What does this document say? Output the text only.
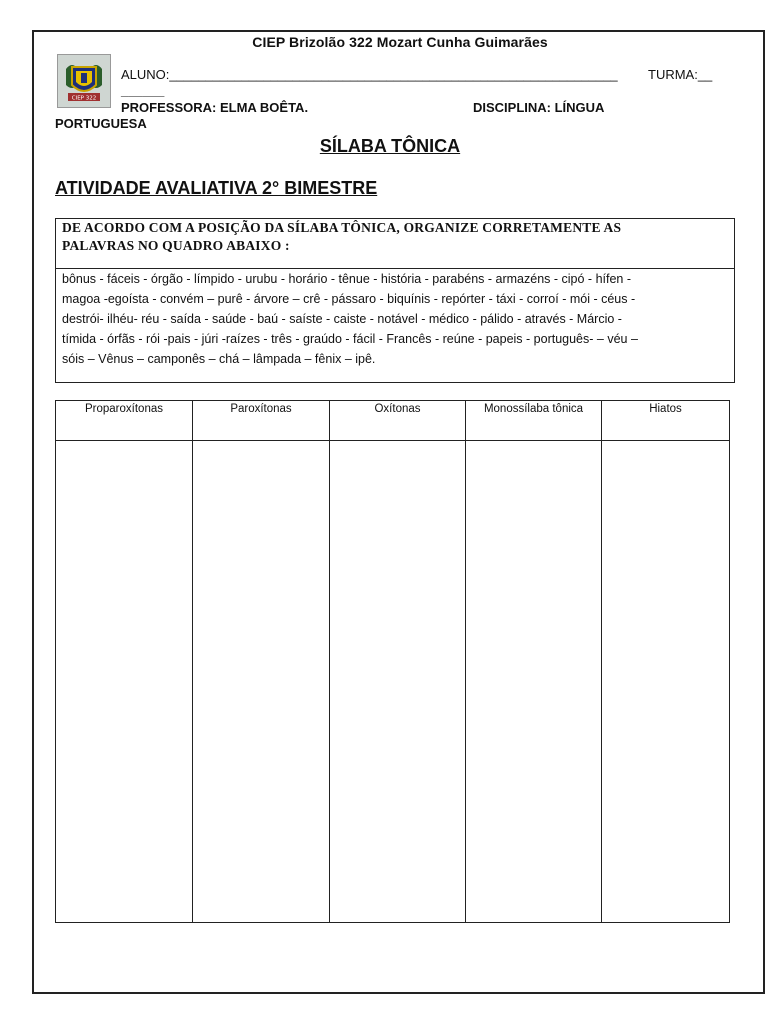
CIEP Brizolão 322 Mozart Cunha Guimarães
CIEP 322
ALUNO:______________________________________________________________ TURMA:__
______
PROFESSORA: ELMA BOÊTA.	DISCIPLINA: LÍNGUA
PORTUGUESA
SÍLABA TÔNICA
ATIVIDADE AVALIATIVA 2° BIMESTRE
DE ACORDO COM A POSIÇÃO DA SÍLABA TÔNICA, ORGANIZE CORRETAMENTE AS
PALAVRAS NO QUADRO ABAIXO :
bônus - fáceis - órgão - límpido - urubu - horário - tênue - história - parabéns - armazéns - cipó - hífen -
magoa -egoísta - convém – purê - árvore – crê - pássaro - biquínis - repórter - táxi - corroí - mói - céus -
destrói- ilhéu- réu - saída - saúde - baú - saíste - caiste - notável - médico - pálido - através - Márcio -
tímida - órfãs - rói -pais - júri -raízes - três - graúdo - fácil - Francês - reúne - papeis - português- – véu –
sóis – Vênus – camponês – chá – lâmpada – fênix – ipê.
Proparoxítonas	Paroxítonas	Oxítonas	Monossílaba tônica	Hiatos
